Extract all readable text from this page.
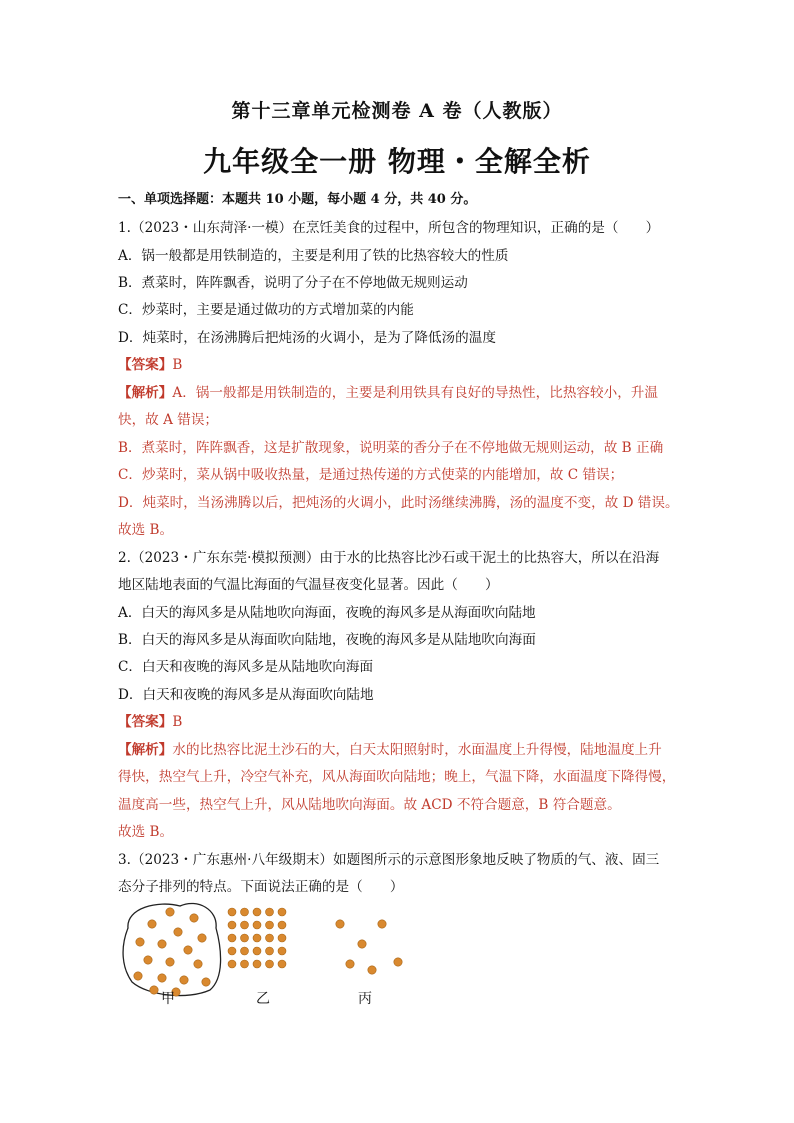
第十三章单元检测卷 A 卷（人教版）
九年级全一册 物理・全解全析
一、单项选择题：本题共 10 小题，每小题 4 分，共 40 分。
1.（2023・山东菏泽·一模）在烹饪美食的过程中，所包含的物理知识，正确的是（　　）
A．锅一般都是用铁制造的，主要是利用了铁的比热容较大的性质
B．煮菜时，阵阵飘香，说明了分子在不停地做无规则运动
C．炒菜时，主要是通过做功的方式增加菜的内能
D．炖菜时，在汤沸腾后把炖汤的火调小，是为了降低汤的温度
【答案】B
【解析】A．锅一般都是用铁制造的，主要是利用铁具有良好的导热性，比热容较小，升温
快，故 A 错误；
B．煮菜时，阵阵飘香，这是扩散现象，说明菜的香分子在不停地做无规则运动，故 B 正确
C．炒菜时，菜从锅中吸收热量，是通过热传递的方式使菜的内能增加，故 C 错误；
D．炖菜时，当汤沸腾以后，把炖汤的火调小，此时汤继续沸腾，汤的温度不变，故 D 错误。
故选 B。
2.（2023・广东东莞·模拟预测）由于水的比热容比沙石或干泥土的比热容大，所以在沿海
地区陆地表面的气温比海面的气温昼夜变化显著。因此（　　）
A．白天的海风多是从陆地吹向海面，夜晚的海风多是从海面吹向陆地
B．白天的海风多是从海面吹向陆地，夜晚的海风多是从陆地吹向海面
C．白天和夜晚的海风多是从陆地吹向海面
D．白天和夜晚的海风多是从海面吹向陆地
【答案】B
【解析】水的比热容比泥土沙石的大，白天太阳照射时，水面温度上升得慢，陆地温度上升
得快，热空气上升，冷空气补充，风从海面吹向陆地；晚上，气温下降，水面温度下降得慢，
温度高一些，热空气上升，风从陆地吹向海面。故 ACD 不符合题意，B 符合题意。
故选 B。
3.（2023・广东惠州·八年级期末）如题图所示的示意图形象地反映了物质的气、液、固三
态分子排列的特点。下面说法正确的是（　　）
甲	乙	丙
